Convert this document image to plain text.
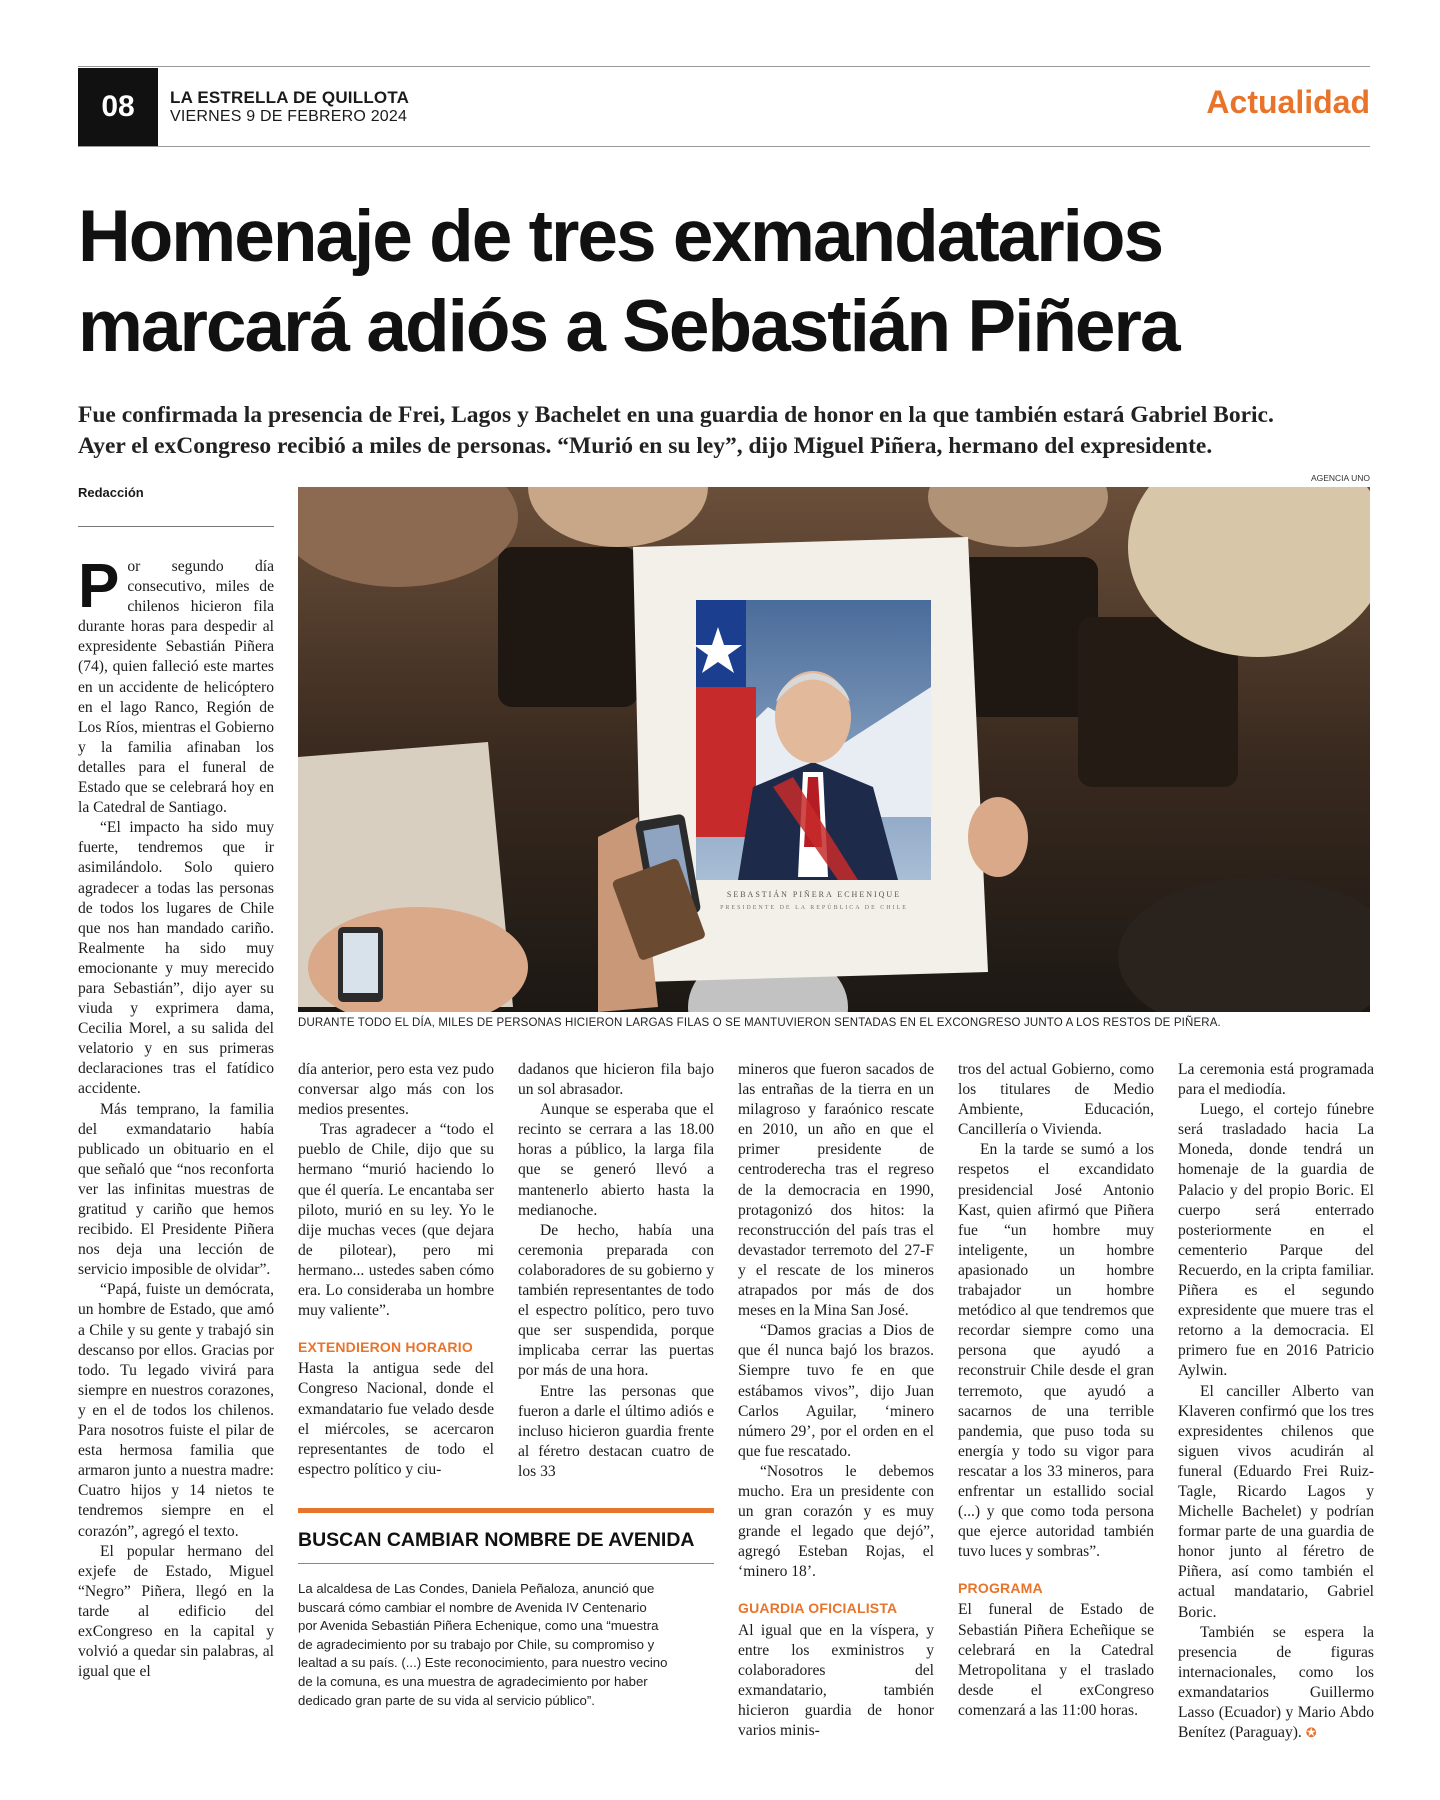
08	LA ESTRELLA DE QUILLOTA
VIERNES 9 DE FEBRERO 2024	Actualidad
Homenaje de tres exmandatarios
marcará adiós a Sebastián Piñera
Fue confirmada la presencia de Frei, Lagos y Bachelet en una guardia de honor en la que también estará Gabriel Boric.
Ayer el exCongreso recibió a miles de personas. “Murió en su ley”, dijo Miguel Piñera, hermano del expresidente.
Redacción
AGENCIA UNO
SEBASTIÁN PIÑERA ECHENIQUE
PRESIDENTE DE LA REPÚBLICA DE CHILE
DURANTE TODO EL DÍA, MILES DE PERSONAS HICIERON LARGAS FILAS O SE MANTUVIERON SENTADAS EN EL EXCONGRESO JUNTO A LOS RESTOS DE PIÑERA.

Por segundo día consecutivo, miles de chilenos hicieron fila durante horas para despedir al expresidente Sebastián Piñera (74), quien falleció este martes en un accidente de helicóptero en el lago Ranco, Región de Los Ríos, mientras el Gobierno y la familia afinaban los detalles para el funeral de Estado que se celebrará hoy en la Catedral de Santiago.

“El impacto ha sido muy fuerte, tendremos que ir asimilándolo. Solo quiero agradecer a todas las personas de todos los lugares de Chile que nos han mandado cariño. Realmente ha sido muy emocionante y muy merecido para Sebastián”, dijo ayer su viuda y exprimera dama, Cecilia Morel, a su salida del velatorio y en sus primeras declaraciones tras el fatídico accidente.

Más temprano, la familia del exmandatario había publicado un obituario en el que señaló que “nos reconforta ver las infinitas muestras de gratitud y cariño que hemos recibido. El Presidente Piñera nos deja una lección de servicio imposible de olvidar”.

“Papá, fuiste un demócrata, un hombre de Estado, que amó a Chile y su gente y trabajó sin descanso por ellos. Gracias por todo. Tu legado vivirá para siempre en nuestros corazones, y en el de todos los chilenos. Para nosotros fuiste el pilar de esta hermosa familia que armaron junto a nuestra madre: Cuatro hijos y 14 nietos te tendremos siempre en el corazón”, agregó el texto.

El popular hermano del exjefe de Estado, Miguel “Negro” Piñera, llegó en la tarde al edificio del exCongreso en la capital y volvió a quedar sin palabras, al igual que el

día anterior, pero esta vez pudo conversar algo más con los medios presentes.

Tras agradecer a “todo el pueblo de Chile, dijo que su hermano “murió haciendo lo que él quería. Le encantaba ser piloto, murió en su ley. Yo le dije muchas veces (que dejara de pilotear), pero mi hermano... ustedes saben cómo era. Lo consideraba un hombre muy valiente”.

EXTENDIERON HORARIO

Hasta la antigua sede del Congreso Nacional, donde el exmandatario fue velado desde el miércoles, se acercaron representantes de todo el espectro político y ciu-

dadanos que hicieron fila bajo un sol abrasador.

Aunque se esperaba que el recinto se cerrara a las 18.00 horas a público, la larga fila que se generó llevó a mantenerlo abierto hasta la medianoche.

De hecho, había una ceremonia preparada con colaboradores de su gobierno y también representantes de todo el espectro político, pero tuvo que ser suspendida, porque implicaba cerrar las puertas por más de una hora.

Entre las personas que fueron a darle el último adiós e incluso hicieron guardia frente al féretro destacan cuatro de los 33

BUSCAN CAMBIAR NOMBRE DE AVENIDA
La alcaldesa de Las Condes, Daniela Peñaloza, anunció que
buscará cómo cambiar el nombre de Avenida IV Centenario
por Avenida Sebastián Piñera Echenique, como una “muestra
de agradecimiento por su trabajo por Chile, su compromiso y
lealtad a su país. (...) Este reconocimiento, para nuestro vecino
de la comuna, es una muestra de agradecimiento por haber
dedicado gran parte de su vida al servicio público”.

mineros que fueron sacados de las entrañas de la tierra en un milagroso y faraónico rescate en 2010, un año en que el primer presidente de centroderecha tras el regreso de la democracia en 1990, protagonizó dos hitos: la reconstrucción del país tras el devastador terremoto del 27-F y el rescate de los mineros atrapados por más de dos meses en la Mina San José.

“Damos gracias a Dios de que él nunca bajó los brazos. Siempre tuvo fe en que estábamos vivos”, dijo Juan Carlos Aguilar, ‘minero número 29’, por el orden en el que fue rescatado.

“Nosotros le debemos mucho. Era un presidente con un gran corazón y es muy grande el legado que dejó”, agregó Esteban Rojas, el ‘minero 18’.

GUARDIA OFICIALISTA

Al igual que en la víspera, y entre los exministros y colaboradores del exmandatario, también hicieron guardia de honor varios minis-

tros del actual Gobierno, como los titulares de Medio Ambiente, Educación, Cancillería o Vivienda.

En la tarde se sumó a los respetos el excandidato presidencial José Antonio Kast, quien afirmó que Piñera fue “un hombre muy inteligente, un hombre apasionado un hombre trabajador un hombre metódico al que tendremos que recordar siempre como una persona que ayudó a reconstruir Chile desde el gran terremoto, que ayudó a sacarnos de una terrible pandemia, que puso toda su energía y todo su vigor para rescatar a los 33 mineros, para enfrentar un estallido social (...) y que como toda persona que ejerce autoridad también tuvo luces y sombras”.

PROGRAMA

El funeral de Estado de Sebastián Piñera Echeñique se celebrará en la Catedral Metropolitana y el traslado desde el exCongreso comenzará a las 11:00 horas.

La ceremonia está programada para el mediodía.

Luego, el cortejo fúnebre será trasladado hacia La Moneda, donde tendrá un homenaje de la guardia de Palacio y del propio Boric. El cuerpo será enterrado posteriormente en el cementerio Parque del Recuerdo, en la cripta familiar. Piñera es el segundo expresidente que muere tras el retorno a la democracia. El primero fue en 2016 Patricio Aylwin.

El canciller Alberto van Klaveren confirmó que los tres expresidentes chilenos que siguen vivos acudirán al funeral (Eduardo Frei Ruiz-Tagle, Ricardo Lagos y Michelle Bachelet) y podrían formar parte de una guardia de honor junto al féretro de Piñera, así como también el actual mandatario, Gabriel Boric.

También se espera la presencia de figuras internacionales, como los exmandatarios Guillermo Lasso (Ecuador) y Mario Abdo Benítez (Paraguay). ✪
